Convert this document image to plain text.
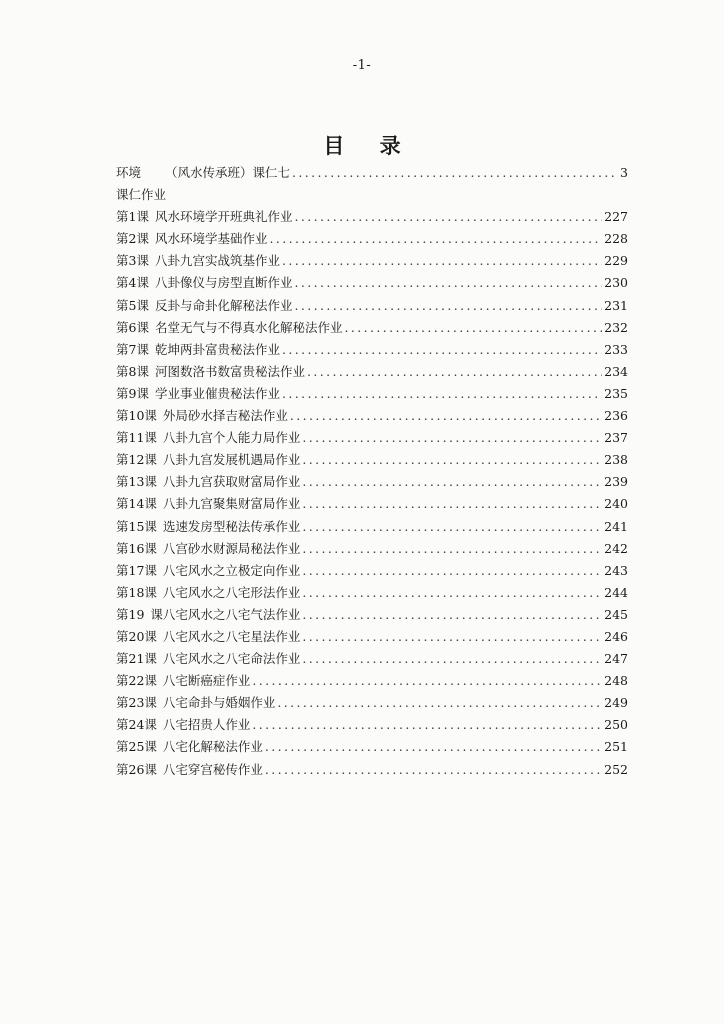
-1-
目 录
环境 （风水传承班）课仁七 .....	3
课仁作业
第1课 风水环境学开班典礼作业 .....	227
第2课 风水环境学基础作业 .....	228
第3课 八卦九宫实战筑基作业 .....	229
第4课 八卦像仪与房型直断作业 .....	230
第5课 反卦与命卦化解秘法作业 .....	231
第6课 名堂无气与不得真水化解秘法作业 .....	232
第7课 乾坤两卦富贵秘法作业 .....	233
第8课 河图数洛书数富贵秘法作业 .....	234
第9课 学业事业催贵秘法作业 .....	235
第10课 外局砂水择吉秘法作业 .....	236
第11课 八卦九宫个人能力局作业 .....	237
第12课 八卦九宫发展机遇局作业 .....	238
第13课 八卦九宫获取财富局作业 .....	239
第14课 八卦九宫聚集财富局作业 .....	240
第15课 选速发房型秘法传承作业 .....	241
第16课 八宫砂水财源局秘法作业 .....	242
第17课 八宅风水之立极定向作业 .....	243
第18课 八宅风水之八宅形法作业 .....	244
第19 课八宅风水之八宅气法作业 .....	245
第20课 八宅风水之八宅星法作业 .....	246
第21课 八宅风水之八宅命法作业 .....	247
第22课 八宅断癌症作业 .....	248
第23课 八宅命卦与婚姻作业 .....	249
第24课 八宅招贵人作业 .....	250
第25课 八宅化解秘法作业 .....	251
第26课 八宅穿宫秘传作业 .....	252
